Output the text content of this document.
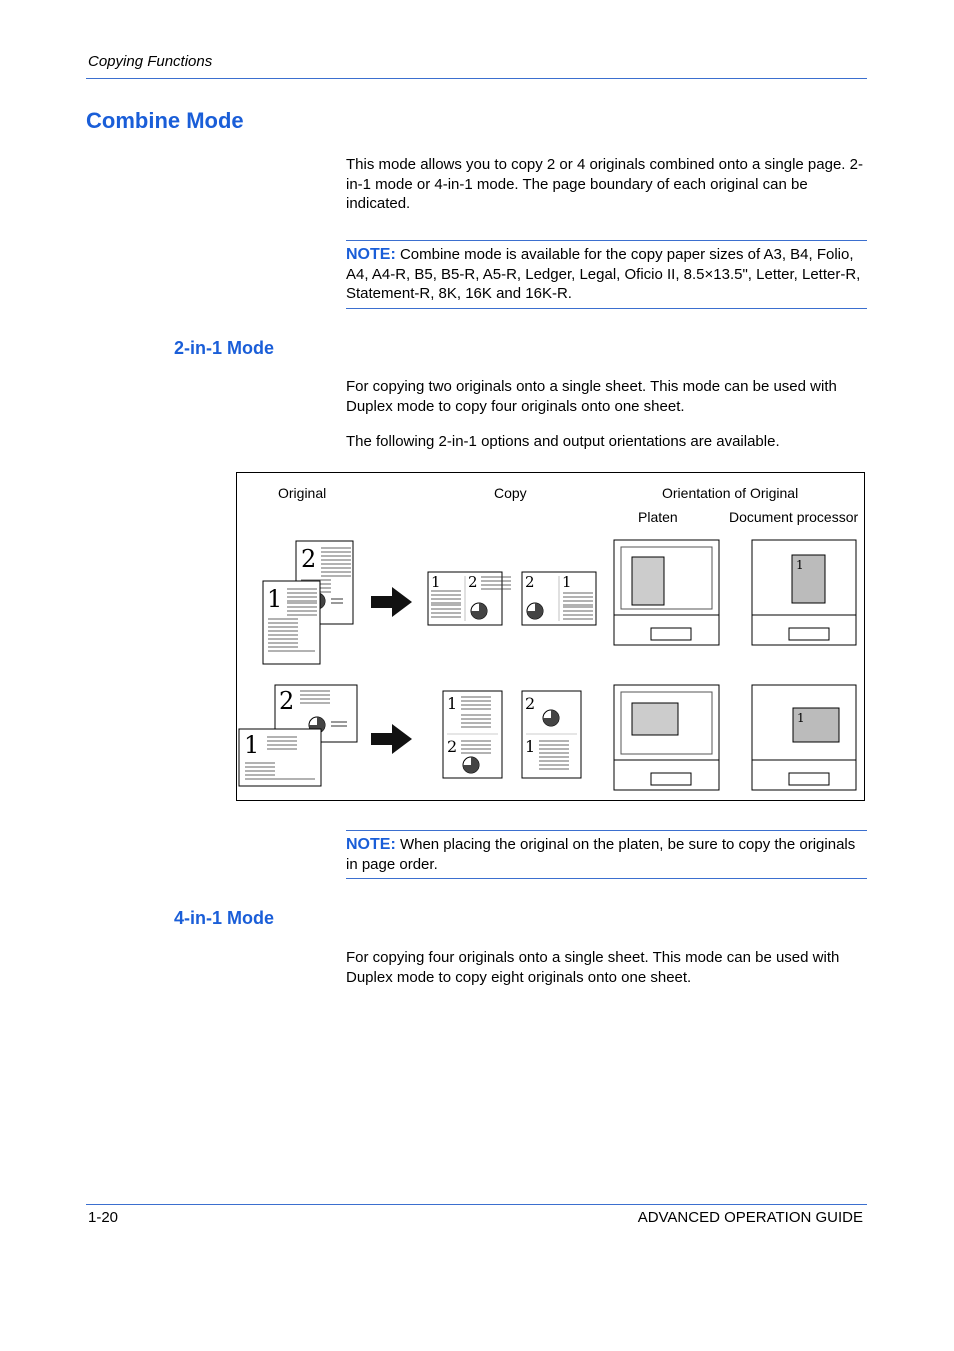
Copying Functions
Combine Mode
This mode allows you to copy 2 or 4 originals combined onto a single page. 2-in-1 mode or 4-in-1 mode. The page boundary of each original can be indicated.
NOTE: Combine mode is available for the copy paper sizes of A3, B4, Folio, A4, A4-R, B5, B5-R, A5-R, Ledger, Legal, Oficio II, 8.5×13.5", Letter, Letter-R, Statement-R, 8K, 16K and 16K-R.
2-in-1 Mode
For copying two originals onto a single sheet. This mode can be used with Duplex mode to copy four originals onto one sheet.
The following 2-in-1 options and output orientations are available.
Original	Copy	Orientation of Original
Platen	Document processor
2
1
1 2	2 1
1
2
1
1
2
2
1
1
NOTE: When placing the original on the platen, be sure to copy the originals in page order.
4-in-1 Mode
For copying four originals onto a single sheet. This mode can be used with Duplex mode to copy eight originals onto one sheet.
1-20	ADVANCED OPERATION GUIDE
